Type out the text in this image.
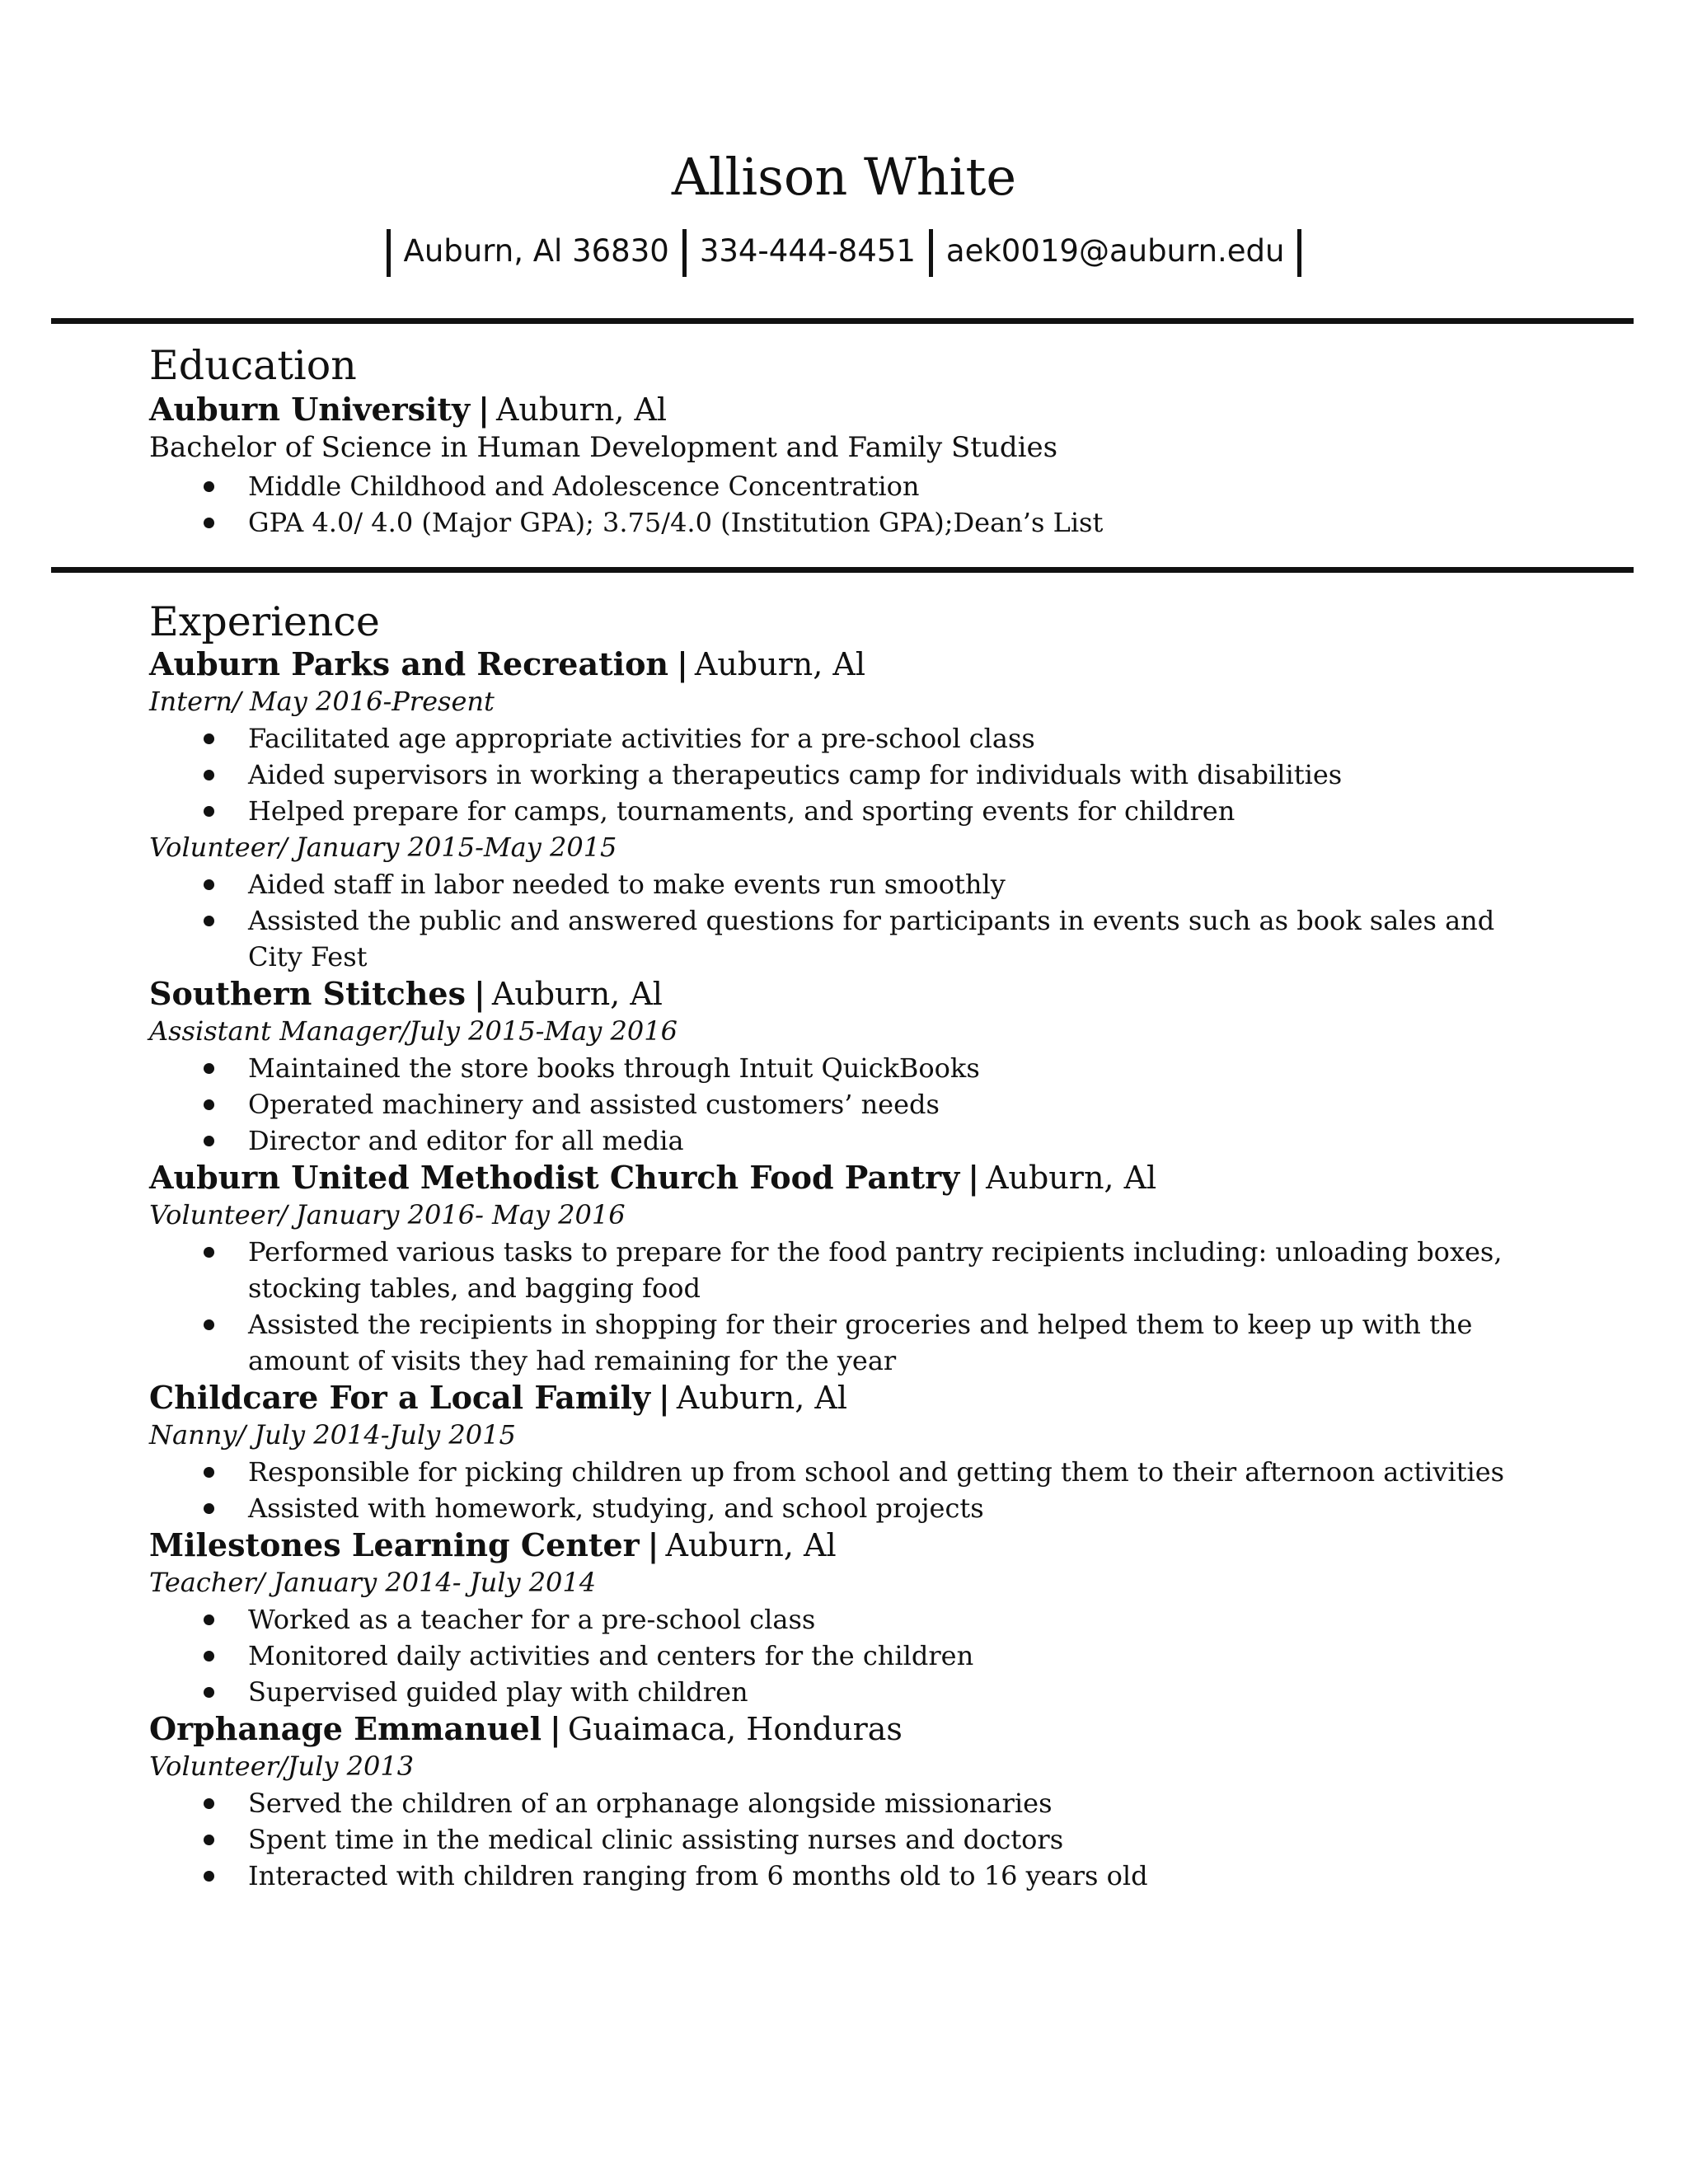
Allison White
Auburn, Al 36830 334-444-8451 aek0019@auburn.edu
Education

Auburn University | Auburn, Al

Bachelor of Science in Human Development and Family Studies

Middle Childhood and Adolescence Concentration
GPA 4.0/ 4.0 (Major GPA); 3.75/4.0 (Institution GPA);Dean’s List
Experience

Auburn Parks and Recreation | Auburn, Al

Intern/ May 2016-Present

Facilitated age appropriate activities for a pre-school class
Aided supervisors in working a therapeutics camp for individuals with disabilities
Helped prepare for camps, tournaments, and sporting events for children

Volunteer/ January 2015-May 2015

Aided staff in labor needed to make events run smoothly
Assisted the public and answered questions for participants in events such as book sales and City Fest

Southern Stitches | Auburn, Al

Assistant Manager/July 2015-May 2016

Maintained the store books through Intuit QuickBooks
Operated machinery and assisted customers’ needs
Director and editor for all media

Auburn United Methodist Church Food Pantry | Auburn, Al

Volunteer/ January 2016- May 2016

Performed various tasks to prepare for the food pantry recipients including: unloading boxes, stocking tables, and bagging food
Assisted the recipients in shopping for their groceries and helped them to keep up with the amount of visits they had remaining for the year

Childcare For a Local Family | Auburn, Al

Nanny/ July 2014-July 2015

Responsible for picking children up from school and getting them to their afternoon activities
Assisted with homework, studying, and school projects

Milestones Learning Center | Auburn, Al

Teacher/ January 2014- July 2014

Worked as a teacher for a pre-school class
Monitored daily activities and centers for the children
Supervised guided play with children

Orphanage Emmanuel | Guaimaca, Honduras

Volunteer/July 2013

Served the children of an orphanage alongside missionaries
Spent time in the medical clinic assisting nurses and doctors
Interacted with children ranging from 6 months old to 16 years old
